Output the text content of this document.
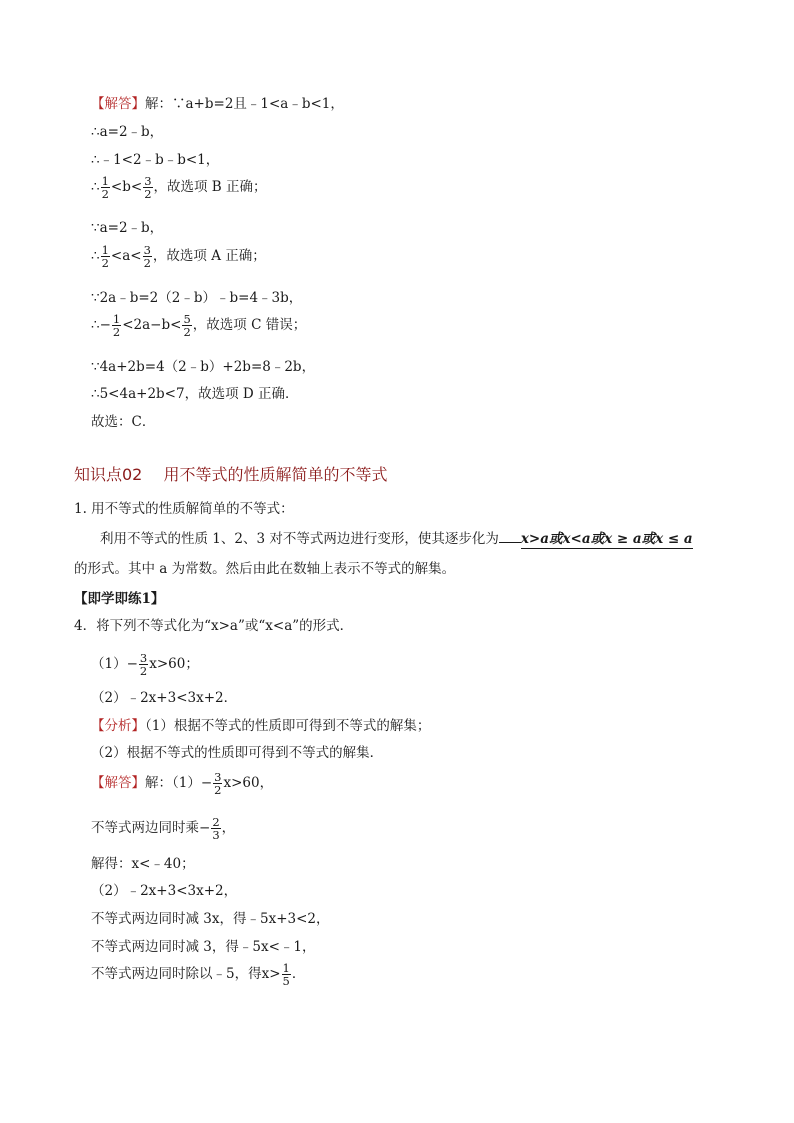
【解答】解：∵a+b=2且﹣1<a﹣b<1，
∴a=2﹣b，
∴﹣1<2﹣b﹣b<1，
∴ $\frac{1}{2} <b< \frac{3}{2}$ ，故选项 B 正确；
∵a=2﹣b，
∴ $\frac{1}{2} <a< \frac{3}{2}$ ，故选项 A 正确；
∵2a﹣b=2（2﹣b）﹣b=4﹣3b，
∴− $\frac{1}{2} <2a-b< \frac{5}{2}$ ，故选项 C 错误；
∵4a+2b=4（2﹣b）+2b=8﹣2b，
∴5<4a+2b<7，故选项 D 正确．
故选：C．
知识点02　 用不等式的性质解简单的不等式
1. 用不等式的性质解简单的不等式：
利用不等式的性质 1、2、3 对不等式两边进行变形，使其逐步化为 x>a或x<a或x ≥ a或x ≤ a
的形式。其中 a 为常数。然后由此在数轴上表示不等式的解集。
【即学即练1】
4．将下列不等式化为“x>a”或“x<a”的形式．
$(1)- \frac{3}{2} x>60$；
（2）﹣2x+3<3x+2．
【分析】（1）根据不等式的性质即可得到不等式的解集；
（2）根据不等式的性质即可得到不等式的解集．
【解答】解：$(1)- \frac{3}{2} x>60$，
不等式两边同时乘− $\frac{2}{3}$ ，
解得：x<﹣40；
（2）﹣2x+3<3x+2，
不等式两边同时减 3x，得﹣5x+3<2，
不等式两边同时减 3，得﹣5x<﹣1，
不等式两边同时除以﹣5，得$x> \frac{1}{5}$ ．
